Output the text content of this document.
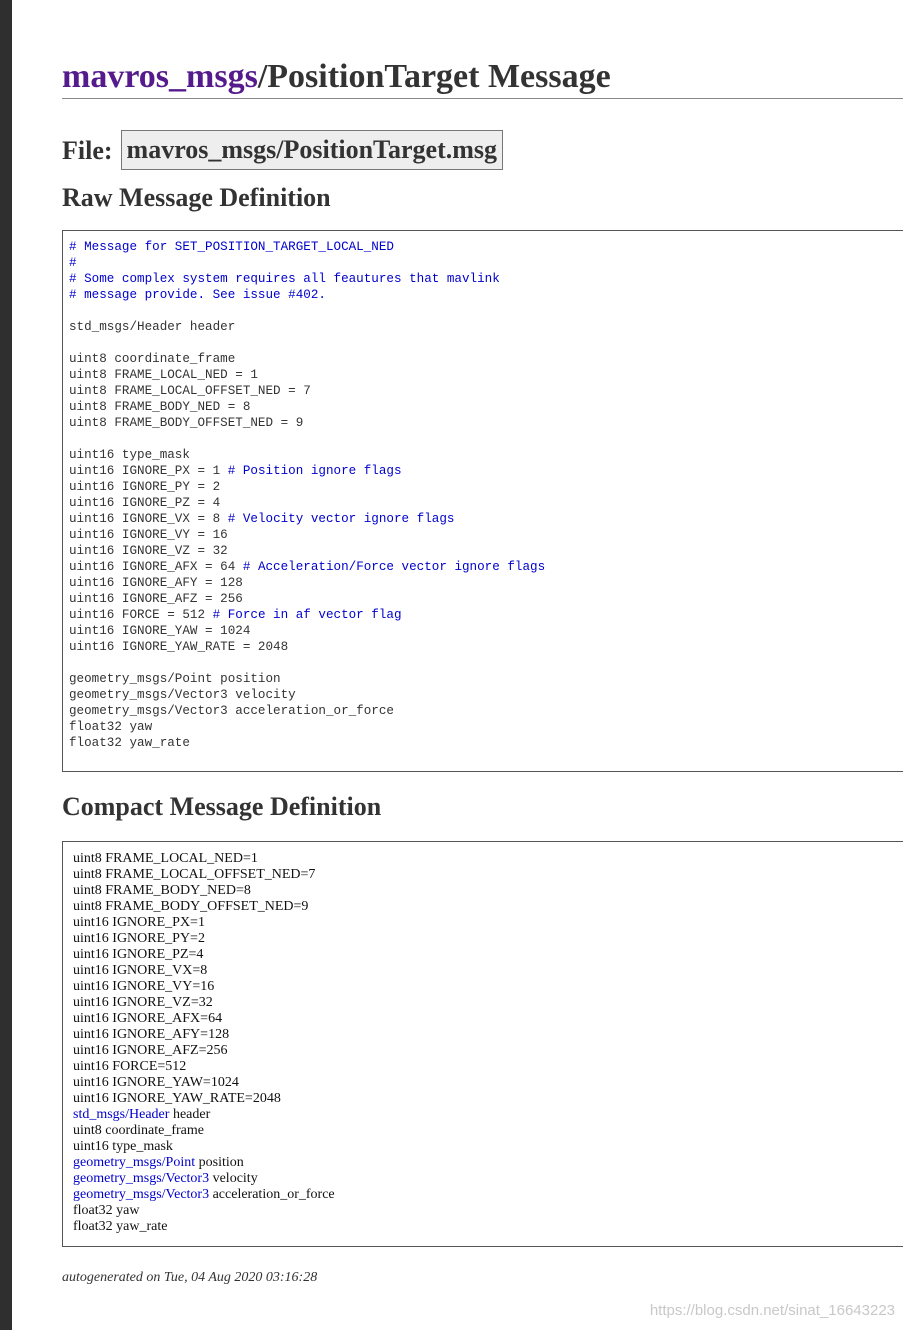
mavros_msgs/PositionTarget Message
File: mavros_msgs/PositionTarget.msg
Raw Message Definition
# Message for SET_POSITION_TARGET_LOCAL_NED
#
# Some complex system requires all feautures that mavlink
# message provide. See issue #402.

std_msgs/Header header

uint8 coordinate_frame
uint8 FRAME_LOCAL_NED = 1
uint8 FRAME_LOCAL_OFFSET_NED = 7
uint8 FRAME_BODY_NED = 8
uint8 FRAME_BODY_OFFSET_NED = 9

uint16 type_mask
uint16 IGNORE_PX = 1 # Position ignore flags
uint16 IGNORE_PY = 2
uint16 IGNORE_PZ = 4
uint16 IGNORE_VX = 8 # Velocity vector ignore flags
uint16 IGNORE_VY = 16
uint16 IGNORE_VZ = 32
uint16 IGNORE_AFX = 64 # Acceleration/Force vector ignore flags
uint16 IGNORE_AFY = 128
uint16 IGNORE_AFZ = 256
uint16 FORCE = 512 # Force in af vector flag
uint16 IGNORE_YAW = 1024
uint16 IGNORE_YAW_RATE = 2048

geometry_msgs/Point position
geometry_msgs/Vector3 velocity
geometry_msgs/Vector3 acceleration_or_force
float32 yaw
float32 yaw_rate

Compact Message Definition
uint8 FRAME_LOCAL_NED=1
uint8 FRAME_LOCAL_OFFSET_NED=7
uint8 FRAME_BODY_NED=8
uint8 FRAME_BODY_OFFSET_NED=9
uint16 IGNORE_PX=1
uint16 IGNORE_PY=2
uint16 IGNORE_PZ=4
uint16 IGNORE_VX=8
uint16 IGNORE_VY=16
uint16 IGNORE_VZ=32
uint16 IGNORE_AFX=64
uint16 IGNORE_AFY=128
uint16 IGNORE_AFZ=256
uint16 FORCE=512
uint16 IGNORE_YAW=1024
uint16 IGNORE_YAW_RATE=2048
std_msgs/Header header
uint8 coordinate_frame
uint16 type_mask
geometry_msgs/Point position
geometry_msgs/Vector3 velocity
geometry_msgs/Vector3 acceleration_or_force
float32 yaw
float32 yaw_rate
autogenerated on Tue, 04 Aug 2020 03:16:28
https://blog.csdn.net/sinat_16643223
